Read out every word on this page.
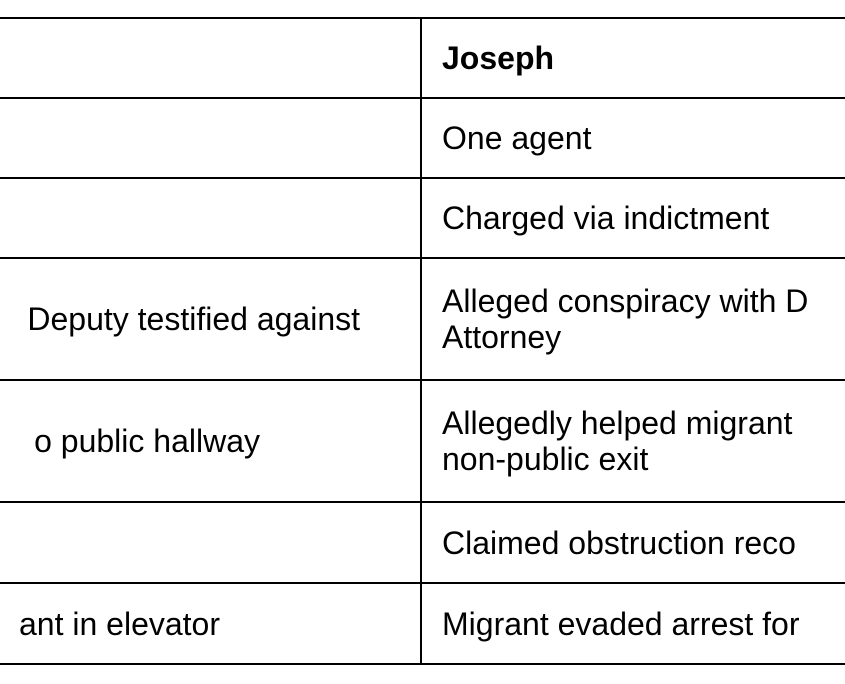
	Joseph
	One agent
	Charged via indictment
Deputy testified against	Alleged conspiracy with D Attorney

o public hallway	Allegedly helped migrant non-public exit

	Claimed obstruction reco
ant in elevator	Migrant evaded arrest for
